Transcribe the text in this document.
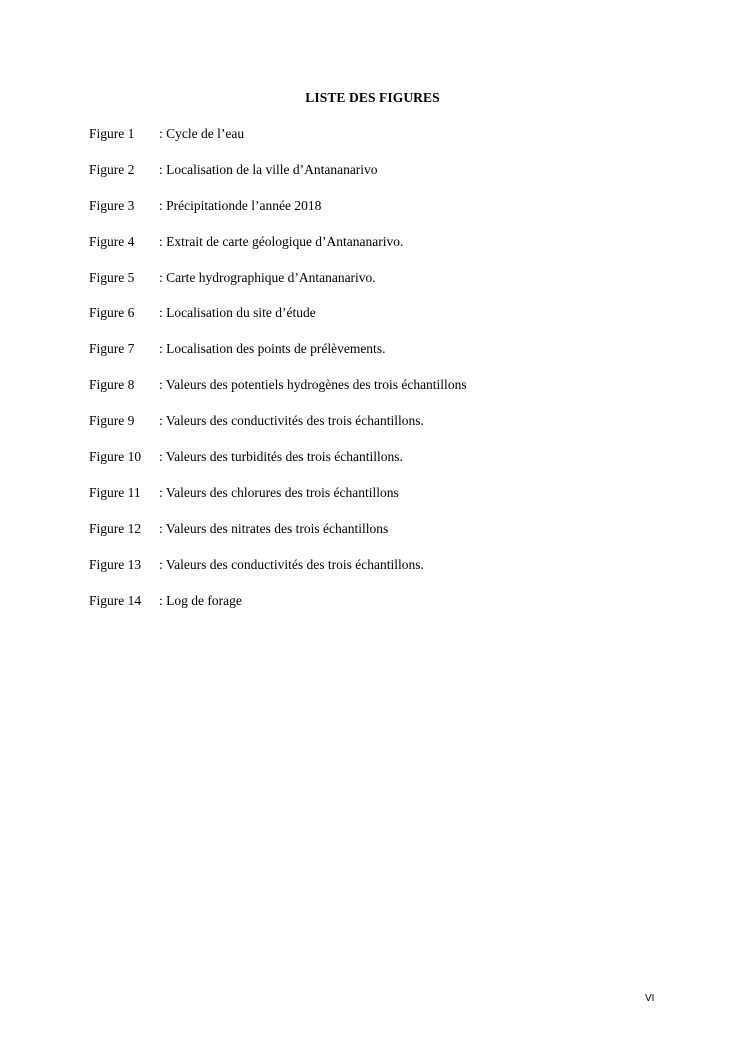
LISTE DES FIGURES
Figure 1 : Cycle de l’eau
Figure 2 : Localisation de la ville d’Antananarivo
Figure 3 : Précipitationde l’année 2018
Figure 4 : Extrait de carte géologique d’Antananarivo.
Figure 5 : Carte hydrographique d’Antananarivo.
Figure 6 : Localisation du site d’étude
Figure 7 : Localisation des points de prélèvements.
Figure 8 : Valeurs des potentiels hydrogènes des trois échantillons
Figure 9 : Valeurs des conductivités des trois échantillons.
Figure 10 : Valeurs des turbidités des trois échantillons.
Figure 11 : Valeurs des chlorures des trois échantillons
Figure 12 : Valeurs des nitrates des trois échantillons
Figure 13 : Valeurs des conductivités des trois échantillons.
Figure 14 : Log de forage
VI
